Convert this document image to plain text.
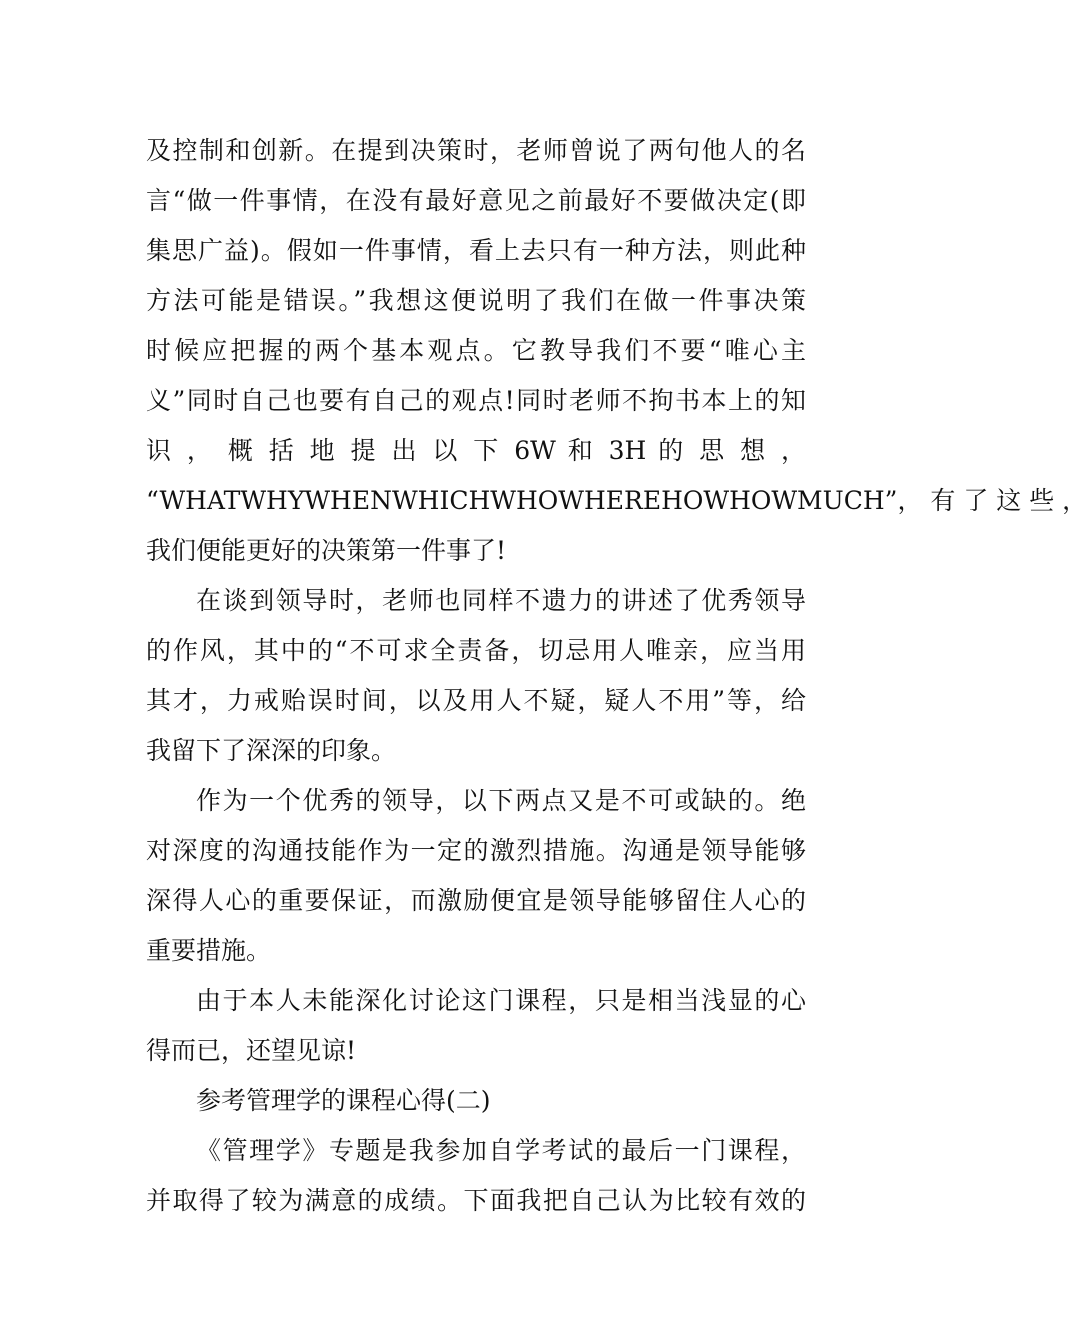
及控制和创新。在提到决策时，老师曾说了两句他人的名
言“做一件事情，在没有最好意见之前最好不要做决定(即
集思广益)。假如一件事情，看上去只有一种方法，则此种
方法可能是错误。”我想这便说明了我们在做一件事决策
时候应把握的两个基本观点。它教导我们不要“唯心主
义”同时自己也要有自己的观点!同时老师不拘书本上的知
识 ， 概 括 地 提 出 以 下 6W 和 3H 的 思 想 ，
“WHATWHYWHENWHICHWHOWHEREHOWHOWMUCH”， 有 了 这 些 ，
我们便能更好的决策第一件事了!
在谈到领导时，老师也同样不遗力的讲述了优秀领导
的作风，其中的“不可求全责备，切忌用人唯亲，应当用
其才，力戒贻误时间，以及用人不疑，疑人不用”等，给
我留下了深深的印象。
作为一个优秀的领导，以下两点又是不可或缺的。绝
对深度的沟通技能作为一定的激烈措施。沟通是领导能够
深得人心的重要保证，而激励便宜是领导能够留住人心的
重要措施。
由于本人未能深化讨论这门课程，只是相当浅显的心
得而已，还望见谅!
参考管理学的课程心得(二)
《管理学》专题是我参加自学考试的最后一门课程，
并取得了较为满意的成绩。下面我把自己认为比较有效的
